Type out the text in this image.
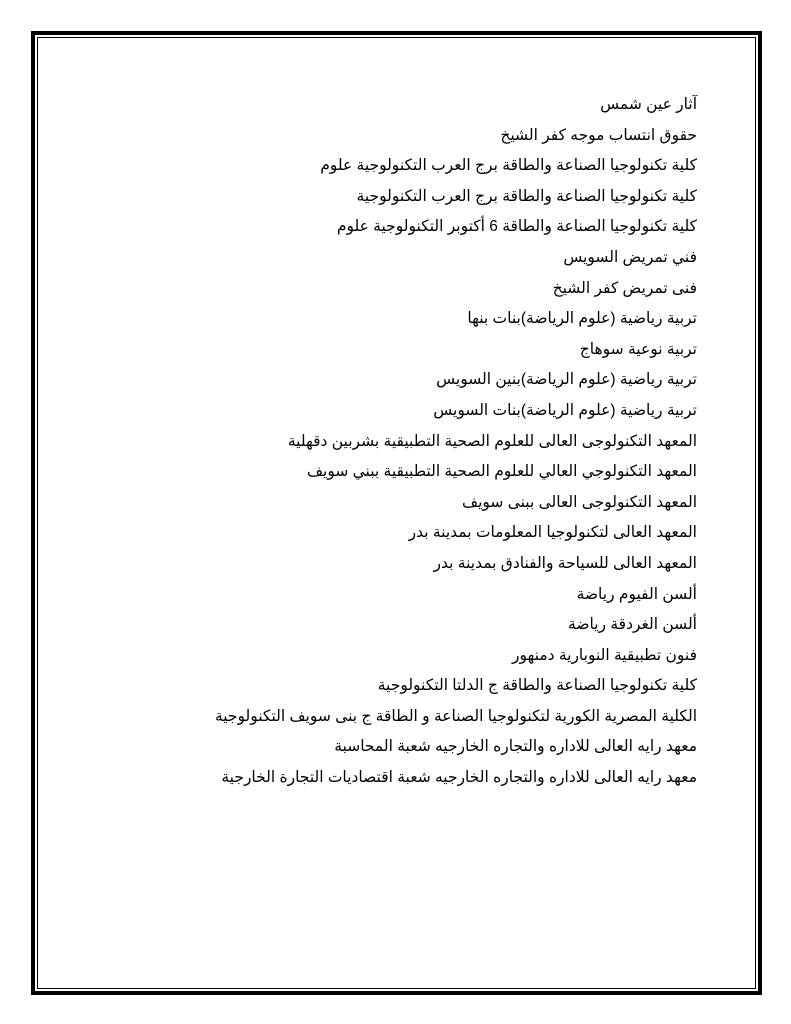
آثار عين شمس
حقوق انتساب موجه كفر الشيخ
كلية تكنولوجيا الصناعة والطاقة برج العرب التكنولوجية علوم
كلية تكنولوجيا الصناعة والطاقة برج العرب التكنولوجية
كلية تكنولوجيا الصناعة والطاقة 6 أكتوبر التكنولوجية علوم
فني تمريض السويس
فنى تمريض كفر الشيخ
تربية رياضية (علوم الرياضة)بنات بنها
تربية نوعية سوهاج
تربية رياضية (علوم الرياضة)بنين السويس
تربية رياضية (علوم الرياضة)بنات السويس
المعهد التكنولوجى العالى للعلوم الصحية التطبيقية بشربين دقهلية
المعهد التكنولوجي العالي للعلوم الصحية التطبيقية ببني سويف
المعهد التكنولوجى العالى ببنى سويف
المعهد العالى لتكنولوجيا المعلومات بمدينة بدر
المعهد العالى للسياحة والفنادق بمدينة بدر
ألسن الفيوم رياضة
ألسن الغردقة رياضة
فنون تطبيقية النوبارية دمنهور
كلية تكنولوجيا الصناعة والطاقة ج الدلتا التكنولوجية
الكلية المصرية الكورية لتكنولوجيا الصناعة و الطاقة ج بنى سويف التكنولوجية
معهد رايه العالى للاداره والتجاره الخارجيه شعبة المحاسبة
معهد رايه العالى للاداره والتجاره الخارجيه شعبة اقتصاديات التجارة الخارجية
